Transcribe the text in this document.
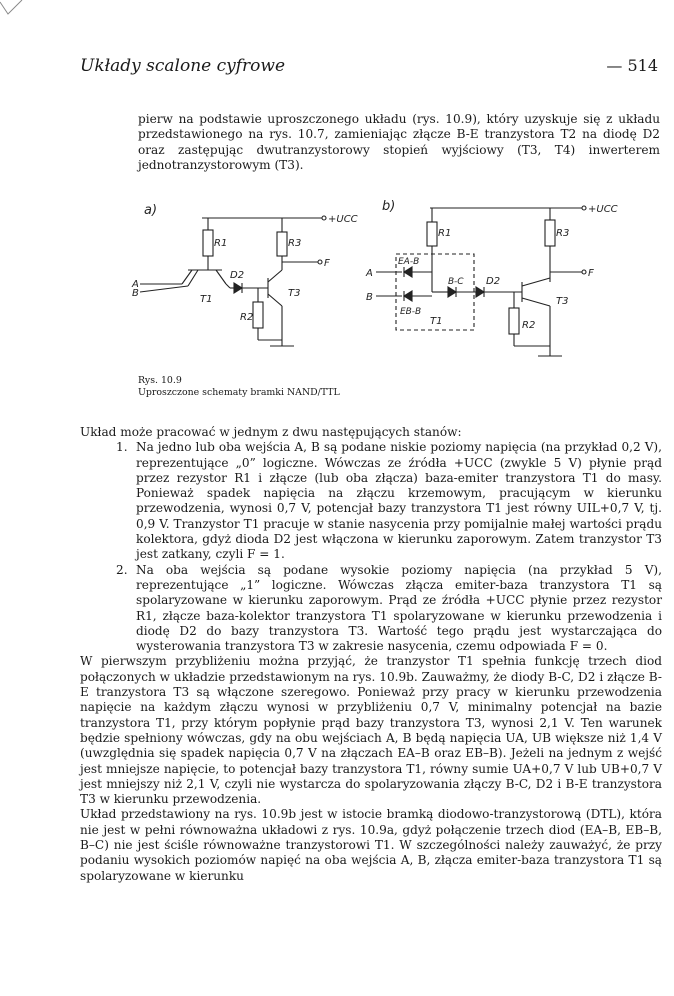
Układy scalone cyfrowe	— 514

pierw na podstawie uproszczonego układu (rys. 10.9), który uzyskuje się z układu przedstawionego na rys. 10.7, zamieniając złącze B-E tranzystora T2 na diodę D2 oraz zastępując dwutranzystorowy stopień wyjściowy (T3, T4) inwerterem jednotranzystorowym (T3).

a)
+UCC
R1	R3
F
D2
A
B
T1
T3
R2
b)	+UCC
R1	R3
F
EA-B
B-C D2
A
B
EB-B
T1
T3
R2
Rys. 10.9
Uproszczone schematy bramki NAND/TTL

Układ może pracować w jednym z dwu następujących stanów:

1. Na jedno lub oba wejścia A, B są podane niskie poziomy napięcia (na przykład 0,2 V), reprezentujące „0” logiczne. Wówczas ze źródła +UCC (zwykle 5 V) płynie prąd przez rezystor R1 i złącze (lub oba złącza) baza-emiter tranzystora T1 do masy. Ponieważ spadek napięcia na złączu krzemowym, pracującym w kierunku przewodzenia, wynosi 0,7 V, potencjał bazy tranzystora T1 jest równy UIL+0,7 V, tj. 0,9 V. Tranzystor T1 pracuje w stanie nasycenia przy pomijalnie małej wartości prądu kolektora, gdyż dioda D2 jest włączona w kierunku zaporowym. Zatem tranzystor T3 jest zatkany, czyli F = 1.

2. Na oba wejścia są podane wysokie poziomy napięcia (na przykład 5 V), reprezentujące „1” logiczne. Wówczas złącza emiter-baza tranzystora T1 są spolaryzowane w kierunku zaporowym. Prąd ze źródła +UCC płynie przez rezystor R1, złącze baza-kolektor tranzystora T1 spolaryzowane w kierunku przewodzenia i diodę D2 do bazy tranzystora T3. Wartość tego prądu jest wystarczająca do wysterowania tranzystora T3 w zakresie nasycenia, czemu odpowiada F = 0.

W pierwszym przybliżeniu można przyjąć, że tranzystor T1 spełnia funkcję trzech diod połączonych w układzie przedstawionym na rys. 10.9b. Zauważmy, że diody B-C, D2 i złącze B-E tranzystora T3 są włączone szeregowo. Ponieważ przy pracy w kierunku przewodzenia napięcie na każdym złączu wynosi w przybliżeniu 0,7 V, minimalny potencjał na bazie tranzystora T1, przy którym popłynie prąd bazy tranzystora T3, wynosi 2,1 V. Ten warunek będzie spełniony wówczas, gdy na obu wejściach A, B będą napięcia UA, UB większe niż 1,4 V (uwzględnia się spadek napięcia 0,7 V na złączach EA–B oraz EB–B). Jeżeli na jednym z wejść jest mniejsze napięcie, to potencjał bazy tranzystora T1, równy sumie UA+0,7 V lub UB+0,7 V jest mniejszy niż 2,1 V, czyli nie wystarcza do spolaryzowania złączy B-C, D2 i B-E tranzystora T3 w kierunku przewodzenia.

Układ przedstawiony na rys. 10.9b jest w istocie bramką diodowo-tranzystorową (DTL), która nie jest w pełni równoważna układowi z rys. 10.9a, gdyż połączenie trzech diod (EA–B, EB–B, B–C) nie jest ściśle równoważne tranzystorowi T1. W szczególności należy zauważyć, że przy podaniu wysokich poziomów napięć na oba wejścia A, B, złącza emiter-baza tranzystora T1 są spolaryzowane w kierunku
